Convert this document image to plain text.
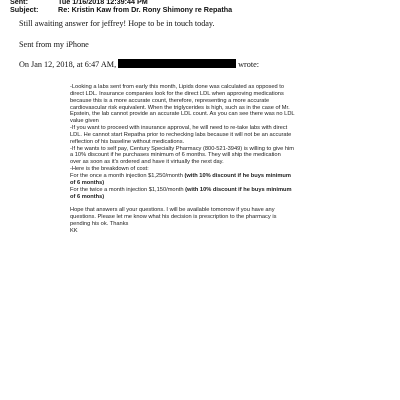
Sent:	Tue 1/16/2018 12:39:44 PM
Subject:	Re: Kristin Kaw from Dr. Rony Shimony re Repatha
Still awaiting answer for jeffrey! Hope to be in touch today.
Sent from my iPhone
On Jan 12, 2018, at 6:47 AM,	wrote:
-Looking a labs sent from early this month, Lipids done was calculated as opposed to
direct LDL. Insurance companies look for the direct LDL when approving medications
because this is a more accurate count, therefore, representing a more accurate
cardiovascular risk equivalent. When the triglycerides is high, such as in the case of Mr.
Epstein, the lab cannot provide an accurate LDL count. As you can see there was no LDL
value given
-If you want to proceed with insurance approval, he will need to re-take labs with direct
LDL. He cannot start Repatha prior to rechecking labs because it will not be an accurate
reflection of his baseline without medications.
-If he wants to self pay, Century Specialty Pharmacy (800-521-3949) is willing to give him
a 10% discount if he purchases minimum of 6 months. They will ship the medication
over as soon as it's ordered and have it virtually the next day.
-Here is the breakdown of cost:
For the once a month injection $1,250/month (with 10% discount if he buys minimum
of 6 months)
For the twice a month injection $1,150/month (with 10% discount if he buys minimum
of 6 months)
Hope that answers all your questions. I will be available tomorrow if you have any
questions. Please let me know what his decision is prescription to the pharmacy is
pending his ok. Thanks
KK
